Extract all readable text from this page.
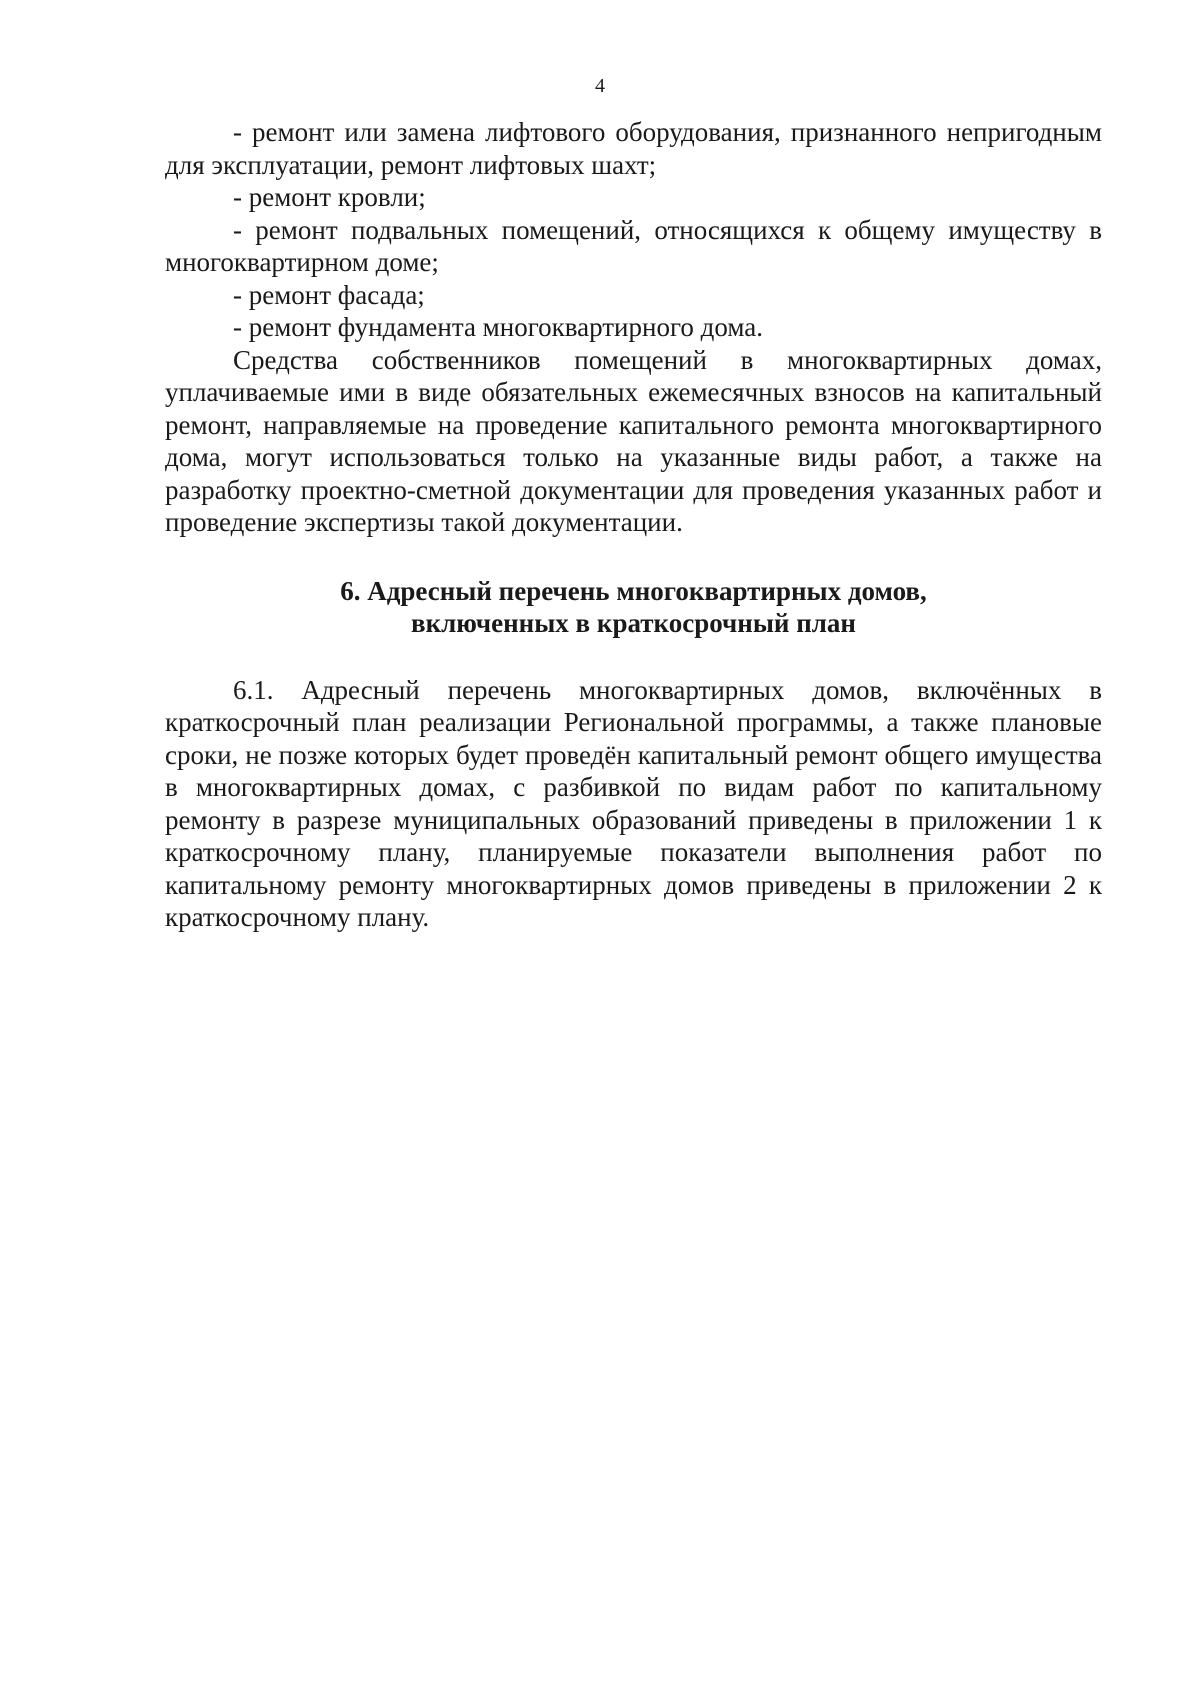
4

- ремонт или замена лифтового оборудования, признанного непригодным для эксплуатации, ремонт лифтовых шахт;

- ремонт кровли;

- ремонт подвальных помещений, относящихся к общему имуществу в многоквартирном доме;

- ремонт фасада;

- ремонт фундамента многоквартирного дома.

Средства собственников помещений в многоквартирных домах, уплачиваемые ими в виде обязательных ежемесячных взносов на капитальный ремонт, направляемые на проведение капитального ремонта многоквартирного дома, могут использоваться только на указанные виды работ, а также на разработку проектно-сметной документации для проведения указанных работ и проведение экспертизы такой документации.

6. Адресный перечень многоквартирных домов,
включенных в краткосрочный план

6.1. Адресный перечень многоквартирных домов, включённых в краткосрочный план реализации Региональной программы, а также плановые сроки, не позже которых будет проведён капитальный ремонт общего имущества в многоквартирных домах, с разбивкой по видам работ по капитальному ремонту в разрезе муниципальных образований приведены в приложении 1 к краткосрочному плану, планируемые показатели выполнения работ по капитальному ремонту многоквартирных домов приведены в приложении 2 к краткосрочному плану.
